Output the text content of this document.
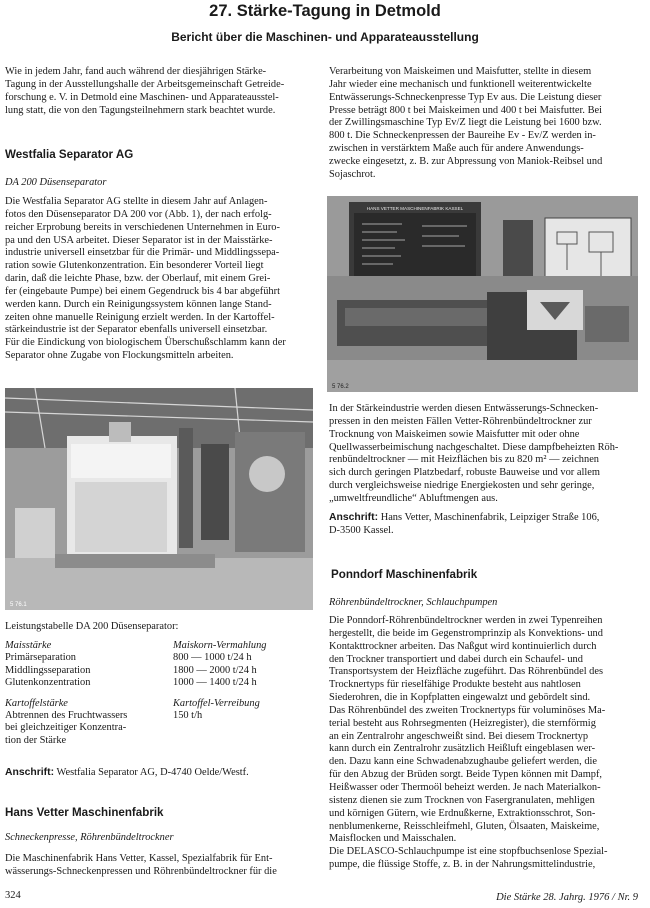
27. Stärke-Tagung in Detmold
Bericht über die Maschinen- und Apparateausstellung
Wie in jedem Jahr, fand auch während der diesjährigen Stärke-
Tagung in der Ausstellungshalle der Arbeitsgemeinschaft Getreide-
forschung e. V. in Detmold eine Maschinen- und Apparateausstel-
lung statt, die von den Tagungsteilnehmern stark beachtet wurde.
Westfalia Separator AG
DA 200 Düsenseparator
Die Westfalia Separator AG stellte in diesem Jahr auf Anlagen-
fotos den Düsenseparator DA 200 vor (Abb. 1), der nach erfolg-
reicher Erprobung bereits in verschiedenen Unternehmen in Euro-
pa und den USA arbeitet. Dieser Separator ist in der Maisstärke-
industrie universell einsetzbar für die Primär- und Middlingssepa-
ration sowie Glutenkonzentration. Ein besonderer Vorteil liegt
darin, daß die leichte Phase, bzw. der Oberlauf, mit einem Grei-
fer (eingebaute Pumpe) bei einem Gegendruck bis 4 bar abgeführt
werden kann. Durch ein Reinigungssystem können lange Stand-
zeiten ohne manuelle Reinigung erzielt werden. In der Kartoffel-
stärkeindustrie ist der Separator ebenfalls universell einsetzbar.
Für die Eindickung von biologischem Überschußschlamm kann der
Separator ohne Zugabe von Flockungsmitteln arbeiten.
Verarbeitung von Maiskeimen und Maisfutter, stellte in diesem
Jahr wieder eine mechanisch und funktionell weiterentwickelte
Entwässerungs-Schneckenpresse Typ Ev aus. Die Leistung dieser
Presse beträgt 800 t bei Maiskeimen und 400 t bei Maisfutter. Bei
der Zwillingsmaschine Typ Ev/Z liegt die Leistung bei 1600 bzw.
800 t. Die Schneckenpressen der Baureihe Ev - Ev/Z werden in-
zwischen in verstärktem Maße auch für andere Anwendungs-
zwecke eingesetzt, z. B. zur Abpressung von Maniok-Reibsel und
Sojaschrot.
HANS VETTER MASCHINENFABRIK KASSEL
5 76.2
5 76.1
Leistungstabelle DA 200 Düsenseparator:
Maisstärke	Maiskorn-Vermahlung
Primärseparation	800 — 1000 t/24 h
Middlingsseparation	1800 — 2000 t/24 h
Glutenkonzentration	1000 — 1400 t/24 h

Kartoffelstärke	Kartoffel-Verreibung

Abtrennen des Fruchtwassers
bei gleichzeitiger Konzentra-
tion der Stärke	150 t/h
Anschrift: Westfalia Separator AG, D-4740 Oelde/Westf.
Hans Vetter Maschinenfabrik
Schneckenpresse, Röhrenbündeltrockner
Die Maschinenfabrik Hans Vetter, Kassel, Spezialfabrik für Ent-
wässerungs-Schneckenpressen und Röhrenbündeltrockner für die
In der Stärkeindustrie werden diesen Entwässerungs-Schnecken-
pressen in den meisten Fällen Vetter-Röhrenbündeltrockner zur
Trocknung von Maiskeimen sowie Maisfutter mit oder ohne
Quellwasserbeimischung nachgeschaltet. Diese dampfbeheizten Röh-
renbündeltrockner — mit Heizflächen bis zu 820 m² — zeichnen
sich durch geringen Platzbedarf, robuste Bauweise und vor allem
durch vergleichsweise niedrige Energiekosten und sehr geringe,
„umweltfreundliche“ Abluftmengen aus.
Anschrift: Hans Vetter, Maschinenfabrik, Leipziger Straße 106,
D-3500 Kassel.
Ponndorf Maschinenfabrik
Röhrenbündeltrockner, Schlauchpumpen
Die Ponndorf-Röhrenbündeltrockner werden in zwei Typenreihen
hergestellt, die beide im Gegenstromprinzip als Konvektions- und
Kontakttrockner arbeiten. Das Naßgut wird kontinuierlich durch
den Trockner transportiert und dabei durch ein Schaufel- und
Transportsystem der Heizfläche zugeführt. Das Röhrenbündel des
Trocknertyps für rieselfähige Produkte besteht aus nahtlosen
Siederohren, die in Kopfplatten eingewalzt und gebördelt sind.
Das Röhrenbündel des zweiten Trocknertyps für voluminöses Ma-
terial besteht aus Rohrsegmenten (Heizregister), die sternförmig
an ein Zentralrohr angeschweißt sind. Bei diesem Trocknertyp
kann durch ein Zentralrohr zusätzlich Heißluft eingeblasen wer-
den. Dazu kann eine Schwadenabzughaube geliefert werden, die
für den Abzug der Brüden sorgt. Beide Typen können mit Dampf,
Heißwasser oder Thermoöl beheizt werden. Je nach Materialkon-
sistenz dienen sie zum Trocknen von Fasergranulaten, mehligen
und körnigen Gütern, wie Erdnußkerne, Extraktionsschrot, Son-
nenblumenkerne, Reisschleifmehl, Gluten, Ölsaaten, Maiskeime,
Maisflocken und Maisschalen.
Die DELASCO-Schlauchpumpe ist eine stopfbuchsenlose Spezial-
pumpe, die flüssige Stoffe, z. B. in der Nahrungsmittelindustrie,
324	Die Stärke 28. Jahrg. 1976 / Nr. 9
